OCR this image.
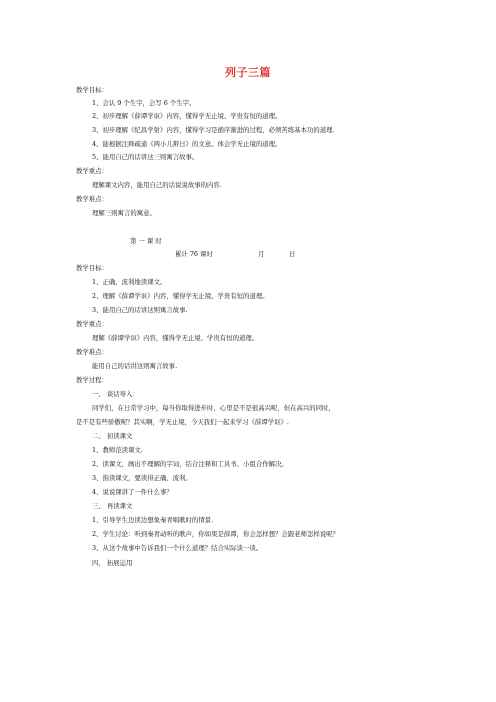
列子三篇
教学目标：
1、会认 9 个生字，会写 6 个生字。
2、初步理解《薛谭学讴》内容，懂得学无止境、学贵有恒的道理。
3、初步理解《纪昌学射》内容，懂得学习是循序渐进的过程，必须苦练基本功的道理.
4、能根据注释疏通《两小儿辩日》的文意。体会学无止境的道理。
5、能用自己的话讲这三则寓言故事。
教学重点：
理解课文内容，能用自己的话说说故事的内容.
教学难点：
理解三则寓言的寓意。
第 一 课 时
累计 76 课时	月	日
教学目标：
1、正确、流利地读课文。
2、理解《薛谭学讴》内容，懂得学无止境、学贵有恒的道理。
3、能用自己的话讲这则寓言故事.
教学重点：
理解《薛谭学讴》内容，懂得学无止境、学贵有恒的道理。
教学难点：
能用自己的话讲这则寓言故事.
教学过程：
一、 谈话导入：
同学们，在日常学习中，每当你取得进步时，心里是不是很高兴呢，但在高兴的同时，
是不是有些骄傲呢？其实啊，学无止境，今天我们一起来学习《薛谭学讴》.
二、 初读课文
1、教师范读课文.
2、读课文，画出不理解的字词，结合注释和工具书、小组合作解决。
3、指读课文，要读得正确、流利。
4、说说课讲了一件什么事？
三、 再读课文
1、引导学生边读边想象秦青唱歌时的情景.
2、学生讨论：听到秦青动听的歌声，你如果是薛谭，你会怎样想？会跟老师怎样说呢？
3、从这个故事中告诉我们一个什么道理？结合实际谈一谈。
四、 拓展运用
